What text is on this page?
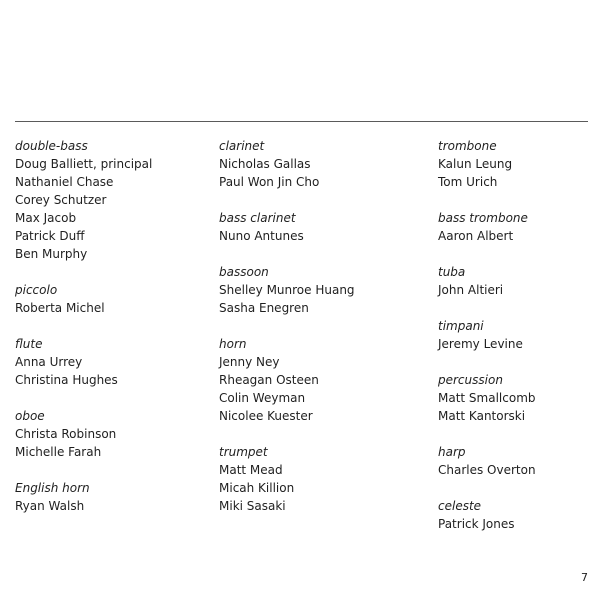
double-bass
Doug Balliett, principal
Nathaniel Chase
Corey Schutzer
Max Jacob
Patrick Duff
Ben Murphy
piccolo
Roberta Michel
flute
Anna Urrey
Christina Hughes
oboe
Christa Robinson
Michelle Farah
English horn
Ryan Walsh
clarinet
Nicholas Gallas
Paul Won Jin Cho
bass clarinet
Nuno Antunes
bassoon
Shelley Munroe Huang
Sasha Enegren
horn
Jenny Ney
Rheagan Osteen
Colin Weyman
Nicolee Kuester
trumpet
Matt Mead
Micah Killion
Miki Sasaki
trombone
Kalun Leung
Tom Urich
bass trombone
Aaron Albert
tuba
John Altieri
timpani
Jeremy Levine
percussion
Matt Smallcomb
Matt Kantorski
harp
Charles Overton
celeste
Patrick Jones
7
